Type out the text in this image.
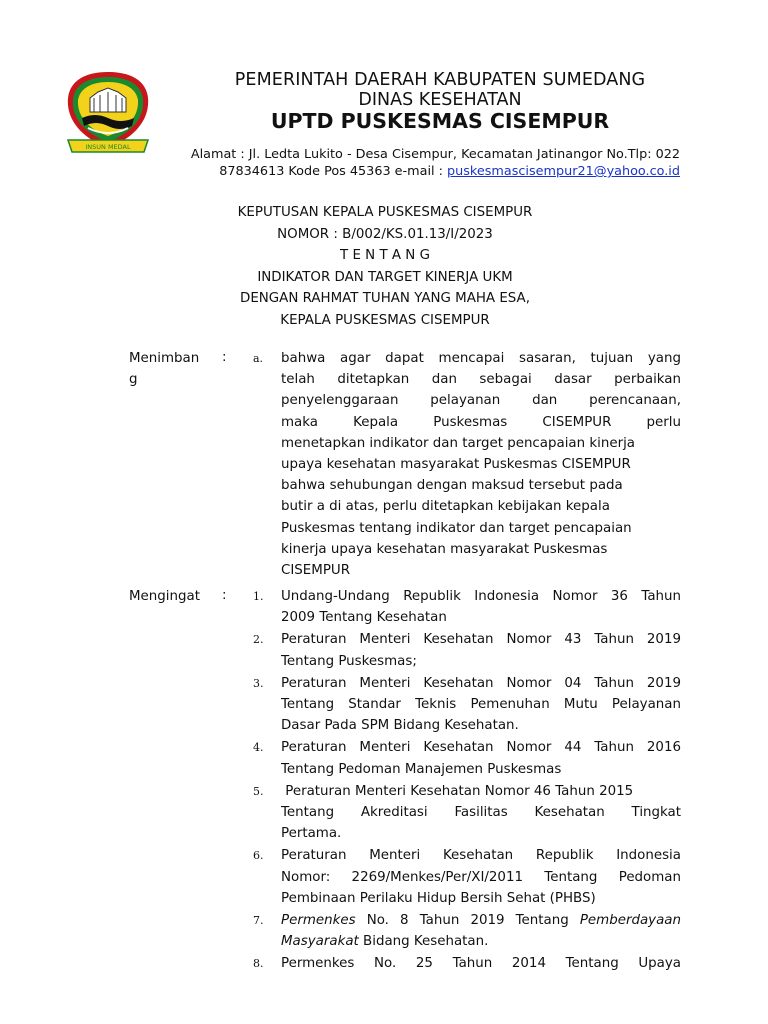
INSUN MEDAL
PEMERINTAH DAERAH KABUPATEN SUMEDANG
DINAS KESEHATAN
UPTD PUSKESMAS CISEMPUR
Alamat : Jl. Ledta Lukito - Desa Cisempur, Kecamatan Jatinangor No.Tlp: 022
87834613 Kode Pos 45363 e-mail : puskesmascisempur21@yahoo.co.id

KEPUTUSAN KEPALA PUSKESMAS CISEMPUR

NOMOR : B/002/KS.01.13/I/2023

T E N T A N G

INDIKATOR DAN TARGET KINERJA UKM

DENGAN RAHMAT TUHAN YANG MAHA ESA,

KEPALA PUSKESMAS CISEMPUR

Menimban
g
: a. bahwa agar dapat mencapai sasaran, tujuan yang
telah ditetapkan dan sebagai dasar perbaikan
penyelenggaraan pelayanan dan perencanaan,
maka Kepala Puskesmas CISEMPUR perlu
menetapkan indikator dan target pencapaian kinerja
upaya kesehatan masyarakat Puskesmas CISEMPUR
bahwa sehubungan dengan maksud tersebut pada
butir a di atas, perlu ditetapkan kebijakan kepala
Puskesmas tentang indikator dan target pencapaian
kinerja upaya kesehatan masyarakat Puskesmas
CISEMPUR
Mengingat	: 1. Undang-Undang Republik Indonesia Nomor 36 Tahun
2009 Tentang Kesehatan
2. Peraturan Menteri Kesehatan Nomor 43 Tahun 2019
Tentang Puskesmas;
3. Peraturan Menteri Kesehatan Nomor 04 Tahun 2019
Tentang Standar Teknis Pemenuhan Mutu Pelayanan
Dasar Pada SPM Bidang Kesehatan.
4. Peraturan Menteri Kesehatan Nomor 44 Tahun 2016
Tentang Pedoman Manajemen Puskesmas
5. Peraturan Menteri Kesehatan Nomor 46 Tahun 2015
Tentang Akreditasi Fasilitas Kesehatan Tingkat
Pertama.
6. Peraturan Menteri Kesehatan Republik Indonesia
Nomor: 2269/Menkes/Per/XI/2011 Tentang Pedoman
Pembinaan Perilaku Hidup Bersih Sehat (PHBS)
7. Permenkes No. 8 Tahun 2019 Tentang Pemberdayaan
Masyarakat Bidang Kesehatan.
8. Permenkes No. 25 Tahun 2014 Tentang Upaya
